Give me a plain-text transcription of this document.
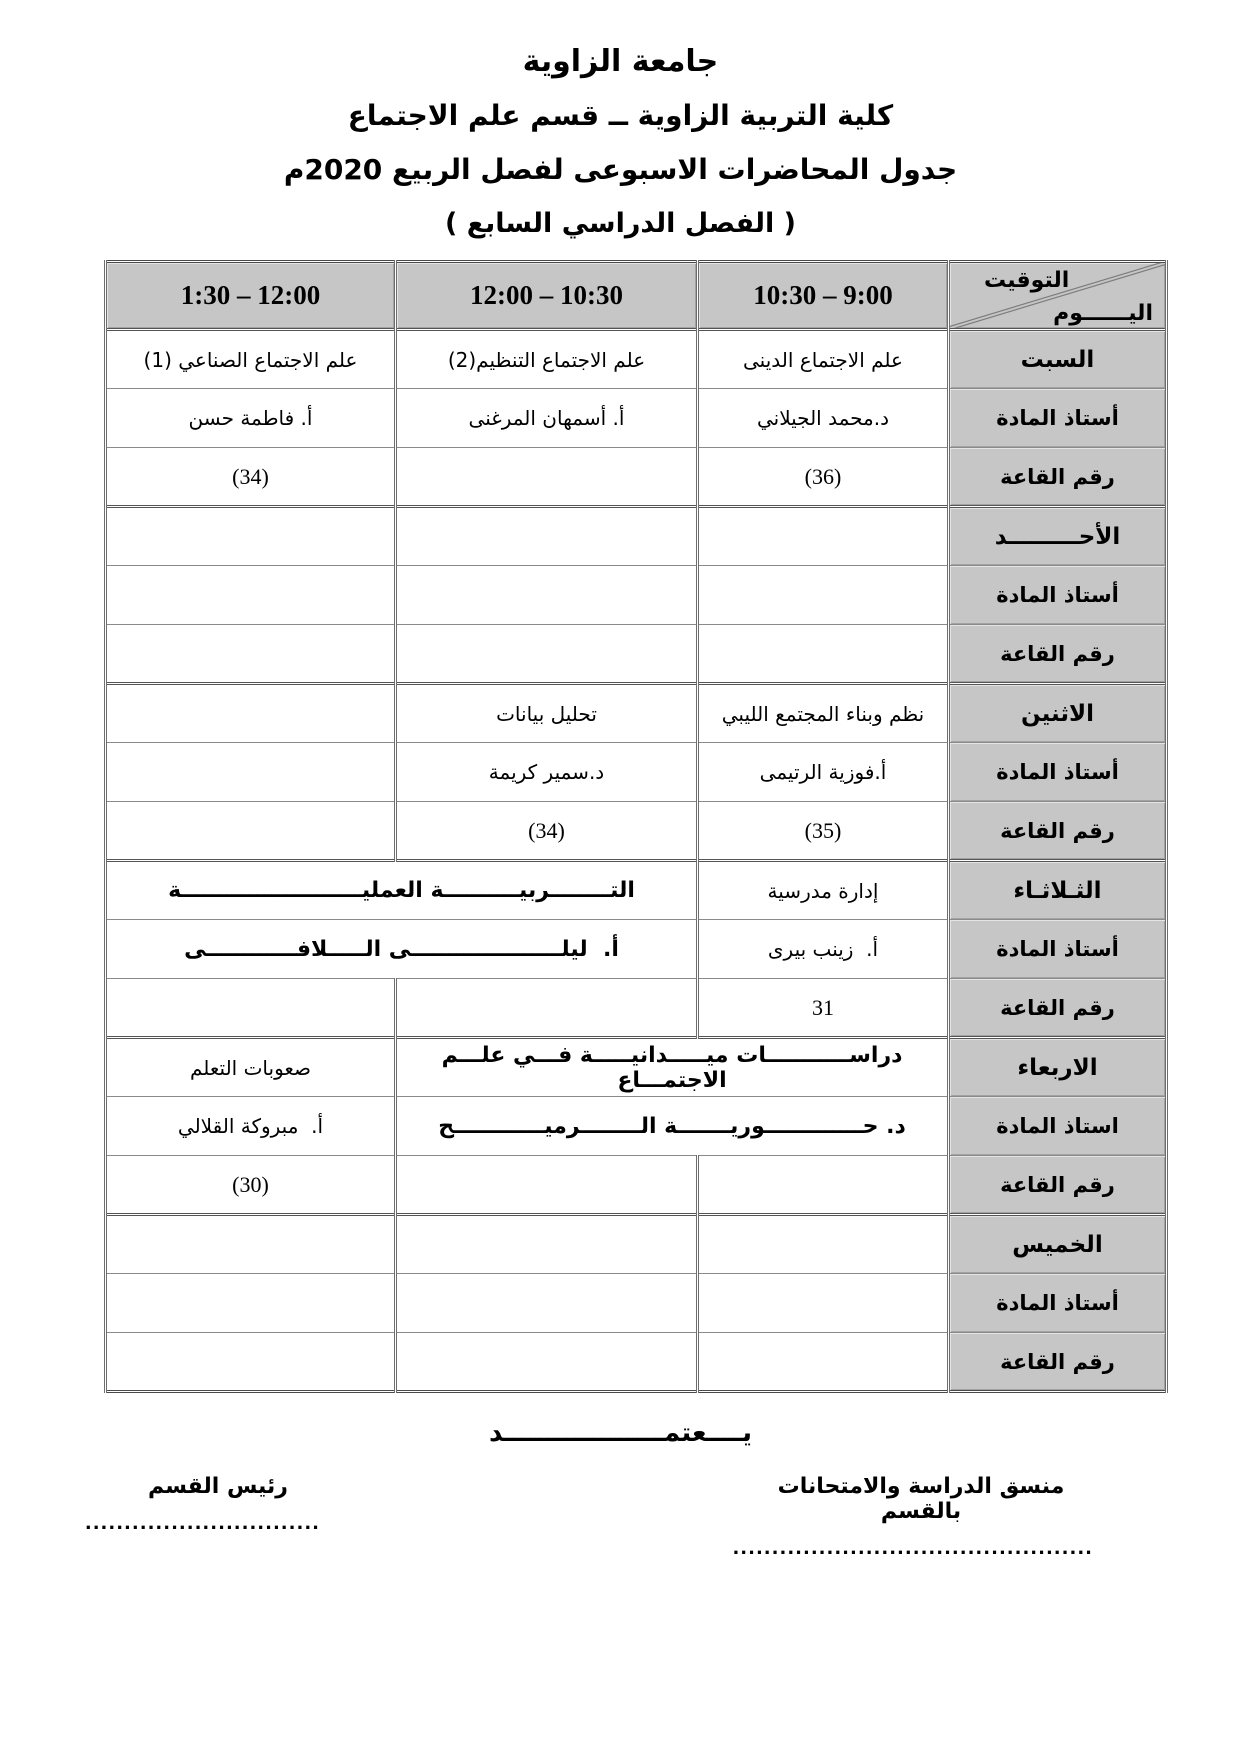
جامعة الزاوية
كلية التربية الزاوية ــ قسم علم الاجتماع
جدول المحاضرات الاسبوعى لفصل الربيع 2020م
( الفصل الدراسي السابع )
التوقيت
اليــــــوم	9:00 – 10:30	10:30 – 12:00	12:00 – 1:30
السبت	علم الاجتماع الدينى	علم الاجتماع التنظيم(2)	علم الاجتماع الصناعي (1)
أستاذ المادة	د.محمد الجيلاني	أ. أسمهان المرغنى	أ. فاطمة حسن
رقم القاعة	(36)		(34)
الأحـــــــــد			
أستاذ المادة			
رقم القاعة			
الاثنين	نظم وبناء المجتمع الليبي	تحليل بيانات	
أستاذ المادة	أ.فوزية الرتيمى	د.سمير كريمة	
رقم القاعة	(35)	(34)	
الثـلاثـاء	إدارة مدرسية	التــــــــربيــــــــــة العمليــــــــــــــــــــــــة	
أستاذ المادة	أ.  زينب بيرى	أ.  ليلــــــــــــــــــــى الـــــلافــــــــــــى	
رقم القاعة	31		
الاربعاء	دراســـــــــــات ميـــــدانيـــــة فـــي علـــم الاجتمـــاع		صعوبات التعلم
استاذ المادة	د. حـــــــــــــوريـــــــة الــــــــرميــــــــــــح		أ.  مبروكة القلالي
رقم القاعة			(30)
الخميس			
أستاذ المادة			
رقم القاعة			
يــــعتمــــــــــــــــــد
منسق الدراسة والامتحانات بالقسم
..............................................
رئيس القسم
..............................
